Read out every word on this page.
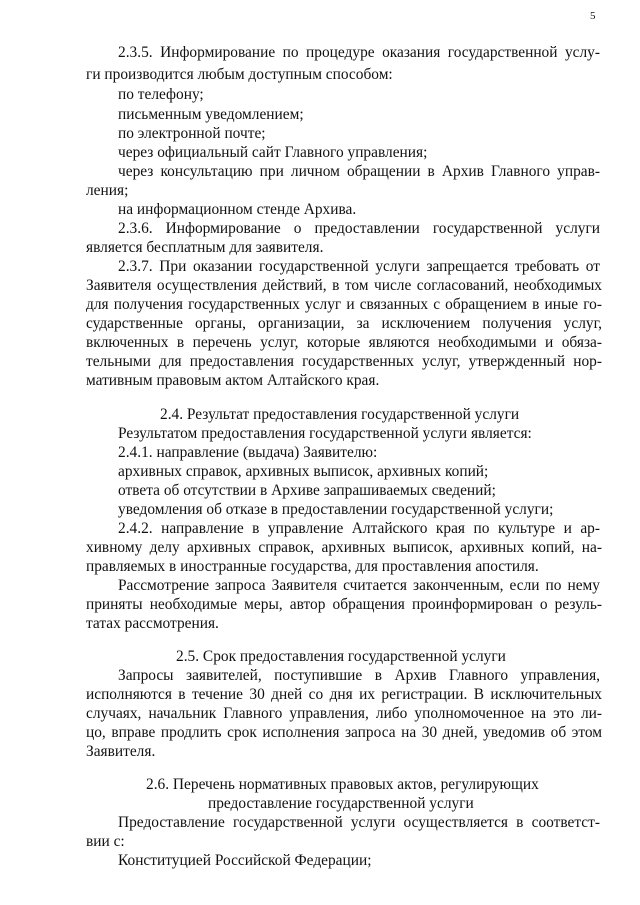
5
2.3.5. Информирование по процедуре оказания государственной услу-
ги производится любым доступным способом:
по телефону;
письменным уведомлением;
по электронной почте;
через официальный сайт Главного управления;
через консультацию при личном обращении в Архив Главного управ-
ления;
на информационном стенде Архива.
2.3.6. Информирование о предоставлении государственной услуги
является бесплатным для заявителя.
2.3.7. При оказании государственной услуги запрещается требовать от
Заявителя осуществления действий, в том числе согласований, необходимых
для получения государственных услуг и связанных с обращением в иные го-
сударственные органы, организации, за исключением получения услуг,
включенных в перечень услуг, которые являются необходимыми и обяза-
тельными для предоставления государственных услуг, утвержденный нор-
мативным правовым актом Алтайского края.
2.4. Результат предоставления государственной услуги
Результатом предоставления государственной услуги является:
2.4.1. направление (выдача) Заявителю:
архивных справок, архивных выписок, архивных копий;
ответа об отсутствии в Архиве запрашиваемых сведений;
уведомления об отказе в предоставлении государственной услуги;
2.4.2. направление в управление Алтайского края по культуре и ар-
хивному делу архивных справок, архивных выписок, архивных копий, на-
правляемых в иностранные государства, для проставления апостиля.
Рассмотрение запроса Заявителя считается законченным, если по нему
приняты необходимые меры, автор обращения проинформирован о резуль-
татах рассмотрения.
2.5. Срок предоставления государственной услуги
Запросы заявителей, поступившие в Архив Главного управления,
исполняются в течение 30 дней со дня их регистрации. В исключительных
случаях, начальник Главного управления, либо уполномоченное на это ли-
цо, вправе продлить срок исполнения запроса на 30 дней, уведомив об этом
Заявителя.
2.6. Перечень нормативных правовых актов, регулирующих
предоставление государственной услуги
Предоставление государственной услуги осуществляется в соответст-
вии с:
Конституцией Российской Федерации;
